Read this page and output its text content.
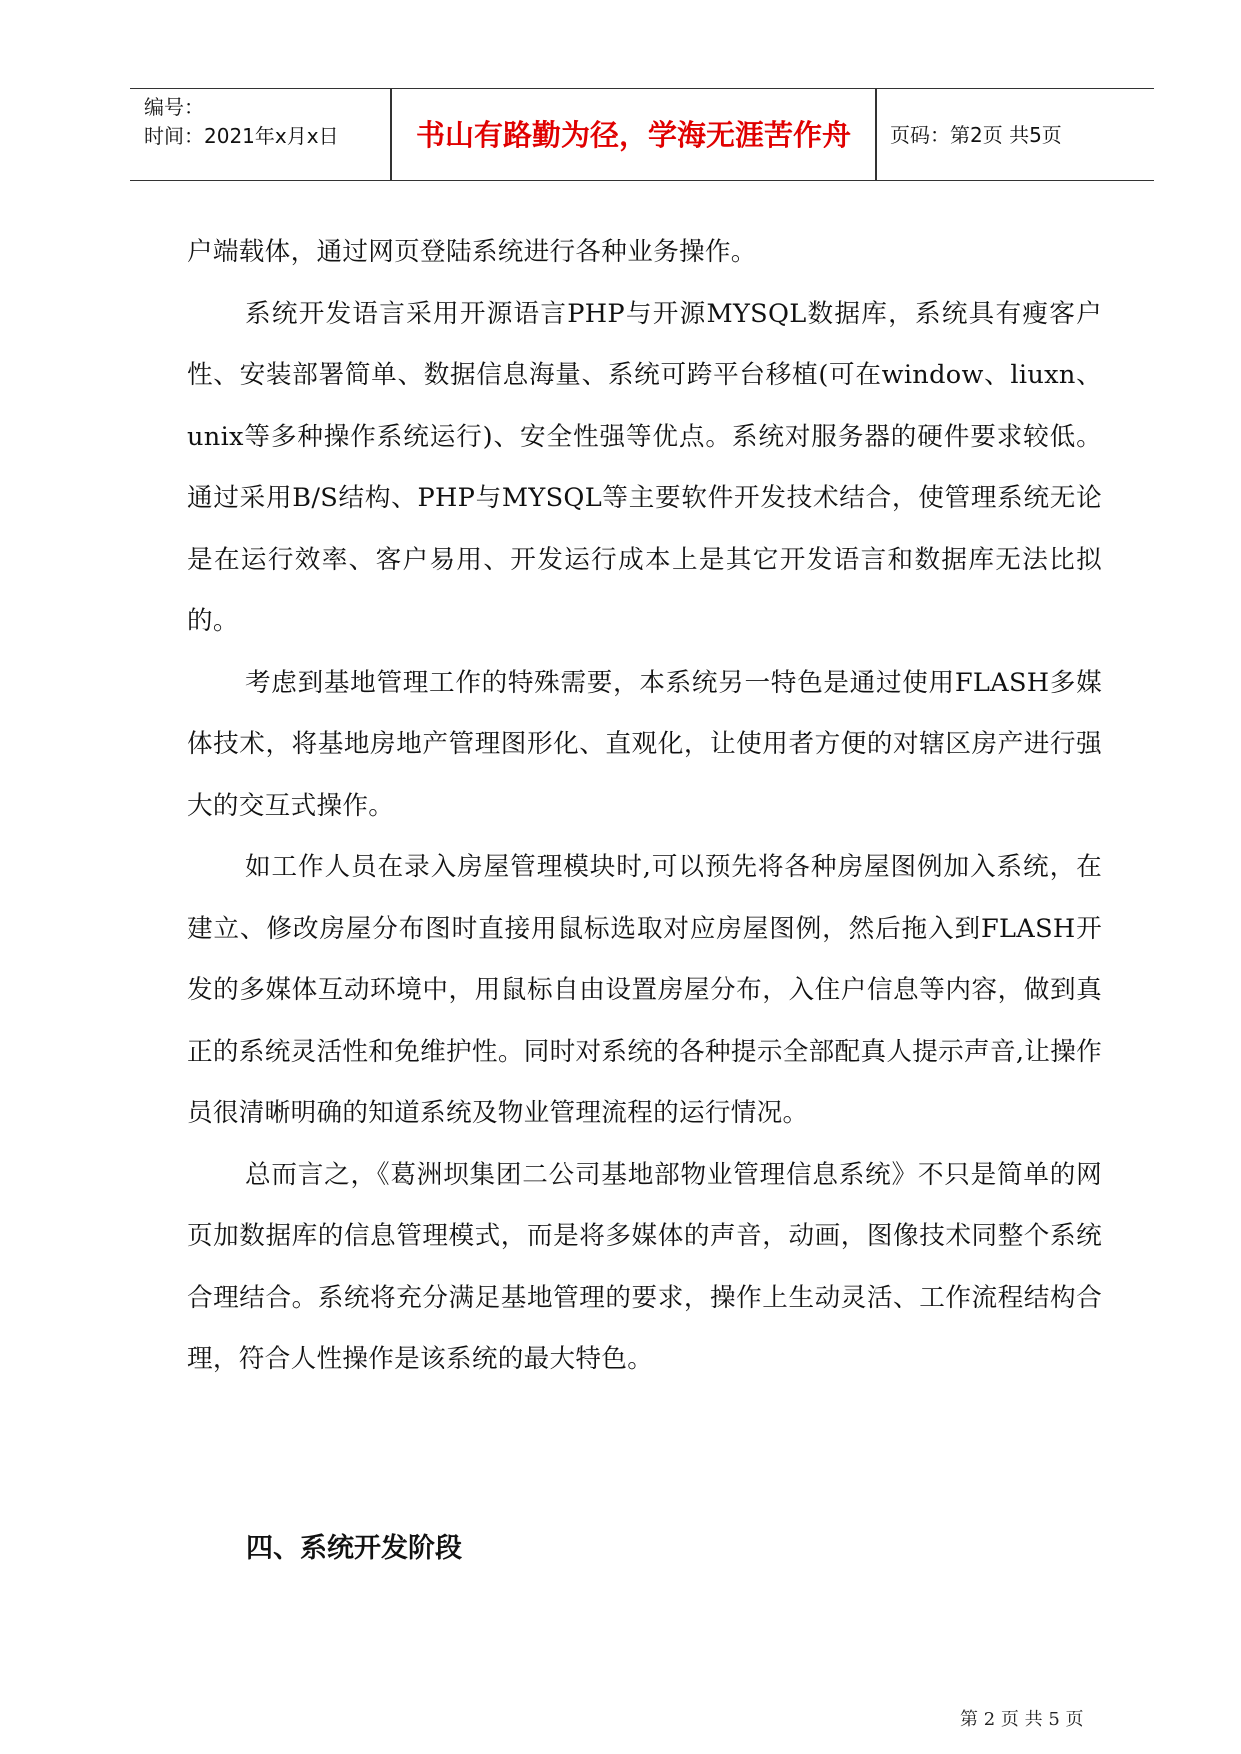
编号：
时间：2021年x月x日	书山有路勤为径，学海无涯苦作舟	页码：第2页 共5页

户端载体，通过网页登陆系统进行各种业务操作。

系统开发语言采用开源语言PHP与开源MYSQL数据库，系统具有瘦客户性、安装部署简单、数据信息海量、系统可跨平台移植(可在window、liuxn、unix等多种操作系统运行)、安全性强等优点。系统对服务器的硬件要求较低。通过采用B/S结构、PHP与MYSQL等主要软件开发技术结合，使管理系统无论是在运行效率、客户易用、开发运行成本上是其它开发语言和数据库无法比拟的。

考虑到基地管理工作的特殊需要，本系统另一特色是通过使用FLASH多媒体技术，将基地房地产管理图形化、直观化，让使用者方便的对辖区房产进行强大的交互式操作。

如工作人员在录入房屋管理模块时,可以预先将各种房屋图例加入系统，在建立、修改房屋分布图时直接用鼠标选取对应房屋图例，然后拖入到FLASH开发的多媒体互动环境中，用鼠标自由设置房屋分布，入住户信息等内容，做到真正的系统灵活性和免维护性。同时对系统的各种提示全部配真人提示声音,让操作员很清晰明确的知道系统及物业管理流程的运行情况。

总而言之，《葛洲坝集团二公司基地部物业管理信息系统》不只是简单的网页加数据库的信息管理模式，而是将多媒体的声音，动画，图像技术同整个系统合理结合。系统将充分满足基地管理的要求，操作上生动灵活、工作流程结构合理，符合人性操作是该系统的最大特色。

四、系统开发阶段
第 2 页 共 5 页
